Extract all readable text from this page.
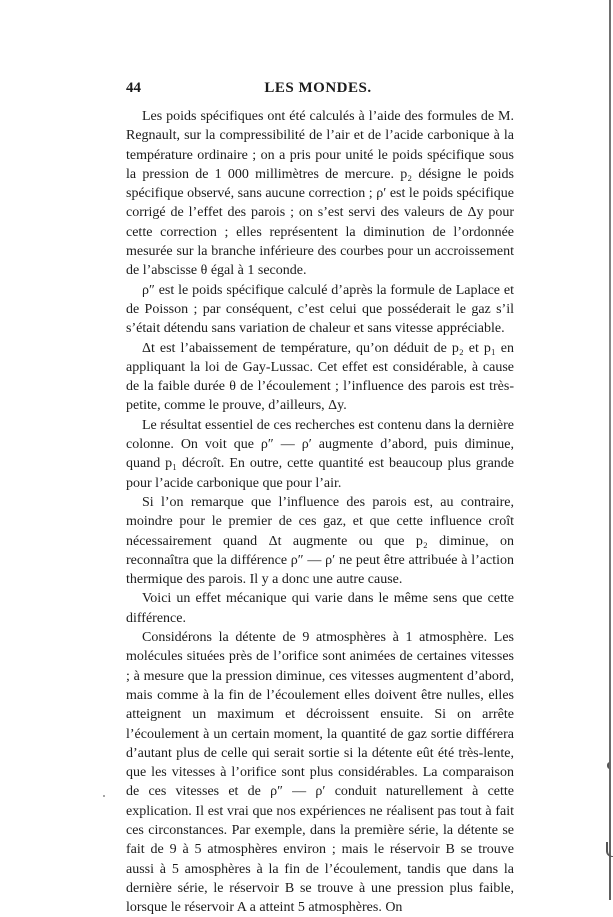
44	LES MONDES.

Les poids spécifiques ont été calculés à l’aide des formules de M. Regnault, sur la compressibilité de l’air et de l’acide carbonique à la température ordinaire ; on a pris pour unité le poids spécifique sous la pression de 1 000 millimètres de mercure. p₂ désigne le poids spécifique observé, sans aucune correction ; ρ′ est le poids spécifique corrigé de l’effet des parois ; on s’est servi des valeurs de Δy pour cette correction ; elles représentent la diminution de l’ordonnée mesurée sur la branche inférieure des courbes pour un accroissement de l’abscisse θ égal à 1 seconde.

ρ″ est le poids spécifique calculé d’après la formule de Laplace et de Poisson ; par conséquent, c’est celui que posséderait le gaz s’il s’était détendu sans variation de chaleur et sans vitesse appréciable.

Δt est l’abaissement de température, qu’on déduit de p₂ et p₁ en appliquant la loi de Gay-Lussac. Cet effet est considérable, à cause de la faible durée θ de l’écoulement ; l’influence des parois est très-petite, comme le prouve, d’ailleurs, Δy.

Le résultat essentiel de ces recherches est contenu dans la dernière colonne. On voit que ρ″ — ρ′ augmente d’abord, puis diminue, quand p₁ décroît. En outre, cette quantité est beaucoup plus grande pour l’acide carbonique que pour l’air.

Si l’on remarque que l’influence des parois est, au contraire, moindre pour le premier de ces gaz, et que cette influence croît nécessairement quand Δt augmente ou que p₂ diminue, on reconnaîtra que la différence ρ″ — ρ′ ne peut être attribuée à l’action thermique des parois. Il y a donc une autre cause.

Voici un effet mécanique qui varie dans le même sens que cette différence.

Considérons la détente de 9 atmosphères à 1 atmosphère. Les molécules situées près de l’orifice sont animées de certaines vitesses ; à mesure que la pression diminue, ces vitesses augmentent d’abord, mais comme à la fin de l’écoulement elles doivent être nulles, elles atteignent un maximum et décroissent ensuite. Si on arrête l’écoulement à un certain moment, la quantité de gaz sortie différera d’autant plus de celle qui serait sortie si la détente eût été très-lente, que les vitesses à l’orifice sont plus considérables. La comparaison de ces vitesses et de ρ″ — ρ′ conduit naturellement à cette explication. Il est vrai que nos expériences ne réalisent pas tout à fait ces circonstances. Par exemple, dans la première série, la détente se fait de 9 à 5 atmosphères environ ; mais le réservoir B se trouve aussi à 5 amosphères à la fin de l’écoulement, tandis que dans la dernière série, le réservoir B se trouve à une pression plus faible, lorsque le réservoir A a atteint 5 atmosphères. On
